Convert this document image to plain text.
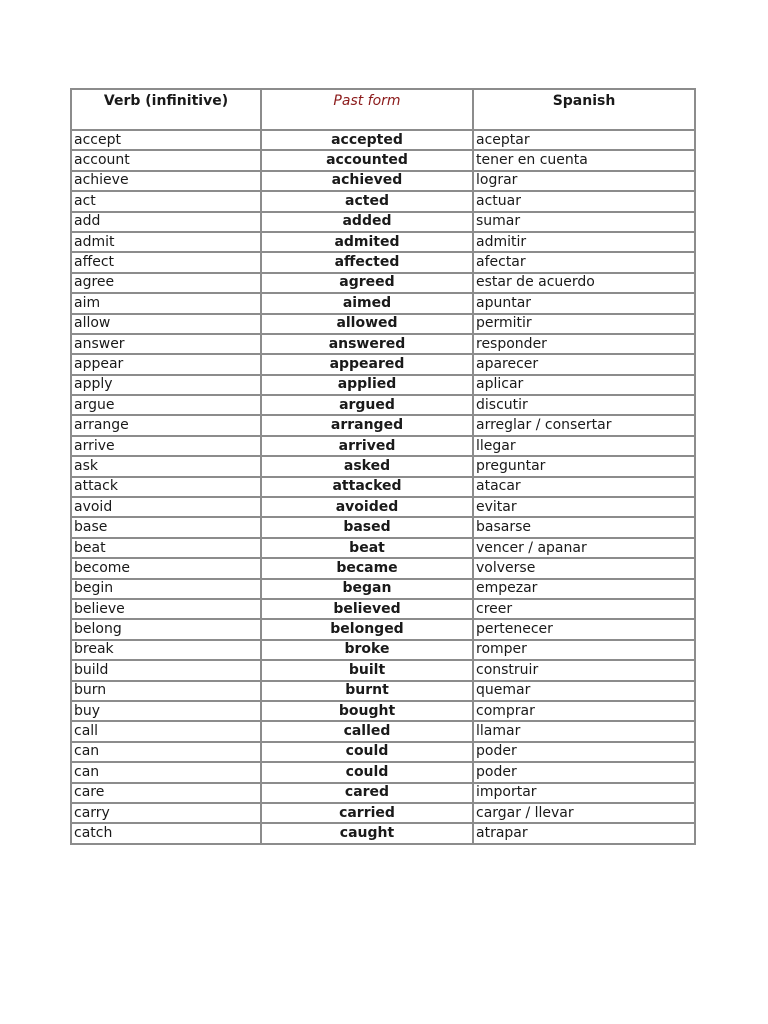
Verb (infinitive)	Past form	Spanish
accept	accepted	aceptar
account	accounted	tener en cuenta
achieve	achieved	lograr
act	acted	actuar
add	added	sumar
admit	admited	admitir
affect	affected	afectar
agree	agreed	estar de acuerdo
aim	aimed	apuntar
allow	allowed	permitir
answer	answered	responder
appear	appeared	aparecer
apply	applied	aplicar
argue	argued	discutir
arrange	arranged	arreglar / consertar
arrive	arrived	llegar
ask	asked	preguntar
attack	attacked	atacar
avoid	avoided	evitar
base	based	basarse
beat	beat	vencer / apanar
become	became	volverse
begin	began	empezar
believe	believed	creer
belong	belonged	pertenecer
break	broke	romper
build	built	construir
burn	burnt	quemar
buy	bought	comprar
call	called	llamar
can	could	poder
can	could	poder
care	cared	importar
carry	carried	cargar / llevar
catch	caught	atrapar
